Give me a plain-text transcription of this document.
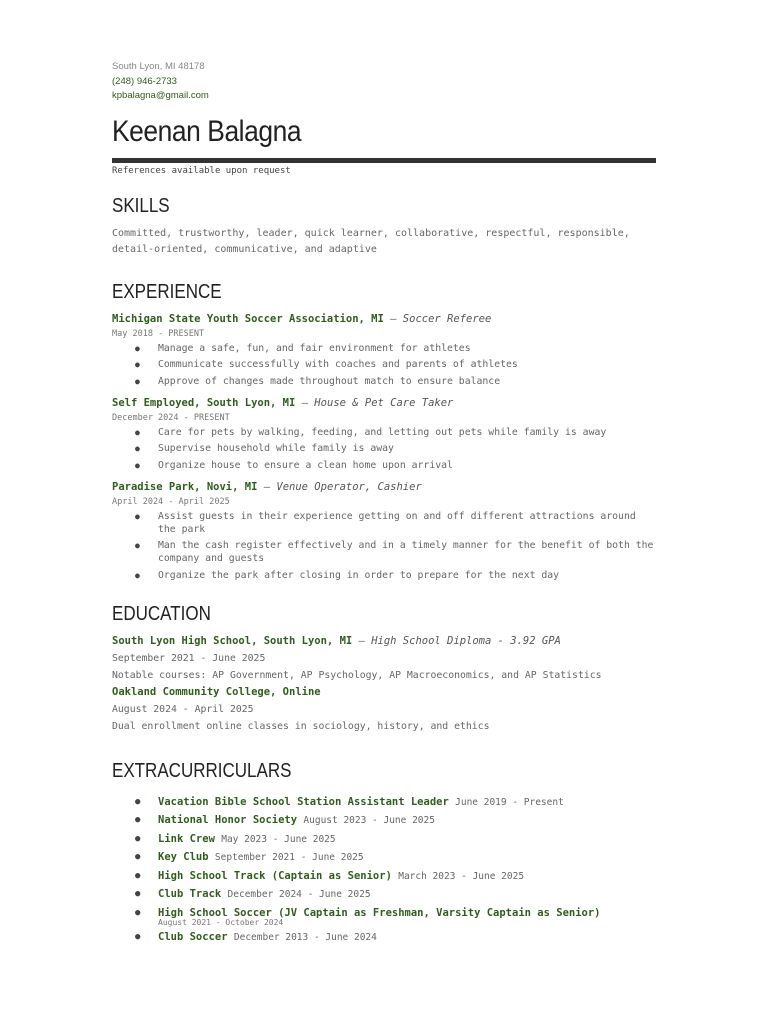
South Lyon, MI 48178
(248) 946-2733
kpbalagna@gmail.com
Keenan Balagna
References available upon request
SKILLS
Committed, trustworthy, leader, quick learner, collaborative, respectful, responsible, detail-oriented, communicative, and adaptive
EXPERIENCE
Michigan State Youth Soccer Association, MI — Soccer Referee
May 2018 - PRESENT
● Manage a safe, fun, and fair environment for athletes
● Communicate successfully with coaches and parents of athletes
● Approve of changes made throughout match to ensure balance
Self Employed, South Lyon, MI — House & Pet Care Taker
December 2024 - PRESENT
● Care for pets by walking, feeding, and letting out pets while family is away
● Supervise household while family is away
● Organize house to ensure a clean home upon arrival
Paradise Park, Novi, MI — Venue Operator, Cashier
April 2024 - April 2025
● Assist guests in their experience getting on and off different attractions around the park
● Man the cash register effectively and in a timely manner for the benefit of both the company and guests
● Organize the park after closing in order to prepare for the next day
EDUCATION
South Lyon High School, South Lyon, MI — High School Diploma - 3.92 GPA
September 2021 - June 2025
Notable courses: AP Government, AP Psychology, AP Macroeconomics, and AP Statistics
Oakland Community College, Online
August 2024 - April 2025
Dual enrollment online classes in sociology, history, and ethics
EXTRACURRICULARS
● Vacation Bible School Station Assistant Leader June 2019 - Present
● National Honor Society August 2023 - June 2025
● Link Crew May 2023 - June 2025
● Key Club September 2021 - June 2025
● High School Track (Captain as Senior) March 2023 - June 2025
● Club Track December 2024 - June 2025
● High School Soccer (JV Captain as Freshman, Varsity Captain as Senior)
August 2021 - October 2024
● Club Soccer December 2013 - June 2024
